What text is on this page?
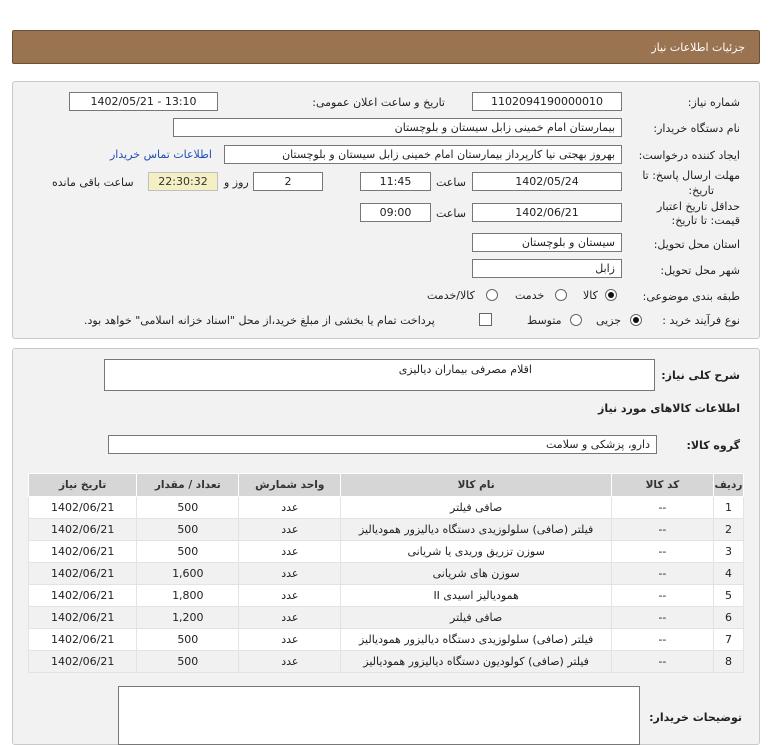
جزئیات اطلاعات نیاز
شماره نیاز:
1102094190000010
تاریخ و ساعت اعلان عمومی:
1402/05/21 - 13:10
نام دستگاه خریدار:
بیمارستان امام خمینی زابل سیستان و بلوچستان
ایجاد کننده درخواست:
بهروز بهجتی نیا کارپرداز بیمارستان امام خمینی زابل سیستان و بلوچستان
اطلاعات تماس خریدار
مهلت ارسال پاسخ: تا
تاریخ:
1402/05/24
ساعت
11:45
2
روز و
22:30:32
ساعت باقی مانده
حداقل تاریخ اعتبار
قیمت: تا تاریخ:
1402/06/21
ساعت
09:00
استان محل تحویل:
سیستان و بلوچستان
شهر محل تحویل:
زابل
طبقه بندی موضوعی:
کالا
خدمت
کالا/خدمت
نوع فرآیند خرید :
جزیی
متوسط
پرداخت تمام یا بخشی از مبلغ خرید،از محل "اسناد خزانه اسلامی" خواهد بود.
شرح کلی نیاز:
اقلام مصرفی بیماران دیالیزی
اطلاعات کالاهای مورد نیاز
گروه کالا:
دارو، پزشکی و سلامت
ردیف	کد کالا	نام کالا	واحد شمارش	تعداد / مقدار	تاریخ نیاز
1	--	صافی فیلتر	عدد	500	1402/06/21
2	--	فیلتر (صافی) سلولوزیدی دستگاه دیالیزور همودیالیز	عدد	500	1402/06/21
3	--	سوزن تزریق وریدی یا شریانی	عدد	500	1402/06/21
4	--	سوزن های شریانی	عدد	1,600	1402/06/21
5	--	همودیالیز اسیدی II	عدد	1,800	1402/06/21
6	--	صافی فیلتر	عدد	1,200	1402/06/21
7	--	فیلتر (صافی) سلولوزیدی دستگاه دیالیزور همودیالیز	عدد	500	1402/06/21
8	--	فیلتر (صافی) کولودیون دستگاه دیالیزور همودیالیز	عدد	500	1402/06/21
توضیحات خریدار:
